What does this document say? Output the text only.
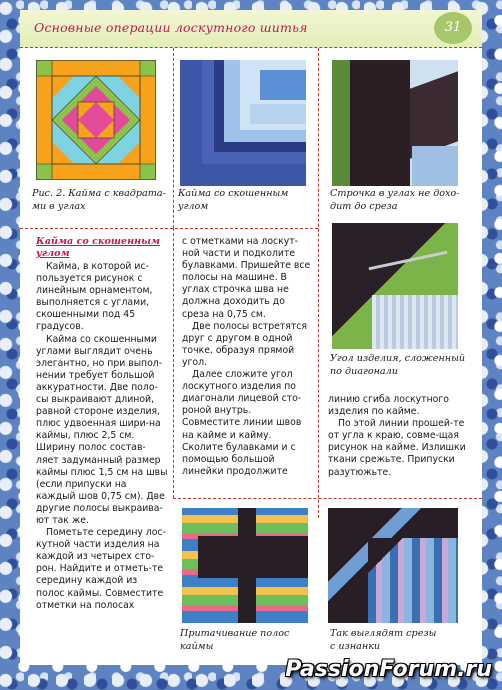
Основные операции лоскутного шитья	31
Рис. 2. Кайма с квадрата-
ми в углах
Кайма со скошенным
углом
Строчка в углах не дохо-
дит до среза
Угол изделия, сложенный
по диагонали
Притачивание полос
каймы
Так выглядят срезы
с изнанки
Кайма со скошенным углом

Кайма, в которой ис-пользуется рисунок с линейным орнаментом, выполняется с углами, скошенными под 45 градусов.

Кайма со скошенными углами выглядит очень элегантно, но при выпол-нении требует большой аккуратности. Две поло-сы выкраивают длиной, равной стороне изделия, плюс удвоенная шири-на каймы, плюс 2,5 см. Ширину полос состав-ляет задуманный размер каймы плюс 1,5 см на швы (если припуски на каждый шов 0,75 см). Две другие полосы выкраива-ют так же.

Пометьте середину лос-кутной части изделия на каждой из четырех сто-рон. Найдите и отметь-те середину каждой из полос каймы. Совместите отметки на полосах

с отметками на лоскут-ной части и подколите булавками. Пришейте все полосы на машине. В углах строчка шва не должна доходить до среза на 0,75 см.

Две полосы встретятся друг с другом в одной точке, образуя прямой угол.

Далее сложите угол лоскутного изделия по диагонали лицевой сто-роной внутрь. Совместите линии швов на кайме и кайму. Сколите булавками и с помощью большой линейки продолжите

линию сгиба лоскутного изделия по кайме.

По этой линии прошей-те от угла к краю, совме-щая рисунок на кайме. Излишки ткани срежьте. Припуски разутюжьте.

PassionForum.ru
